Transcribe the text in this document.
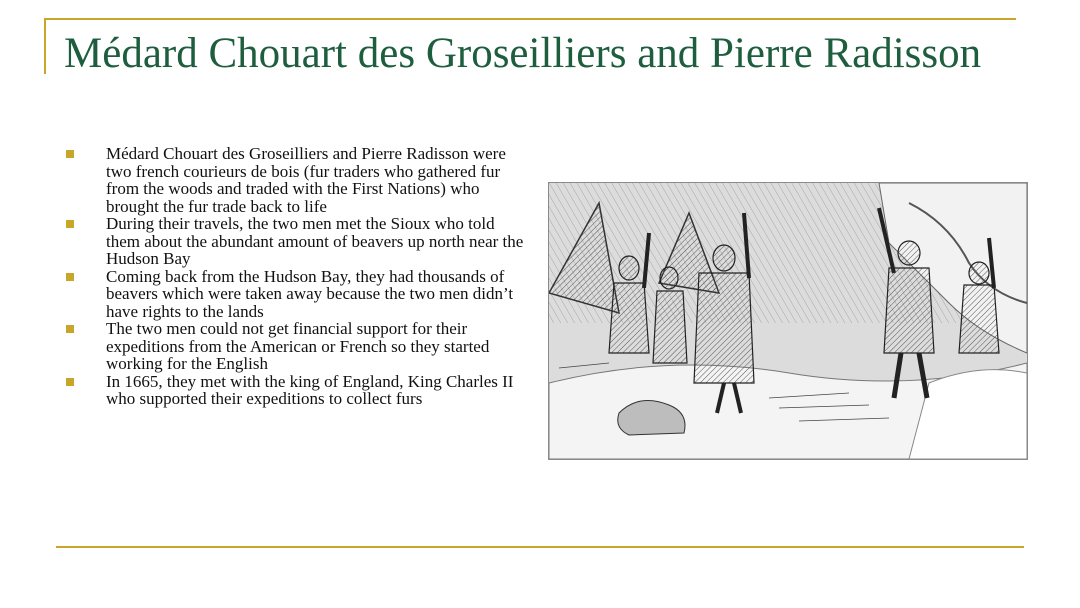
Médard Chouart des Groseilliers and Pierre Radisson
Médard Chouart des Groseilliers and Pierre Radisson were two french courieurs de bois (fur traders who gathered fur from the woods and traded with the First Nations) who brought the fur trade back to life
During their travels, the two men met the Sioux who told them about the abundant amount of beavers up north near the Hudson Bay
Coming back from the Hudson Bay, they had thousands of beavers which were taken away because the two men didn’t have rights to the lands
The two men could not get financial support for their expeditions from the American or French so they started working for the English
In 1665, they met with the king of England, King Charles II who supported their expeditions to collect furs
